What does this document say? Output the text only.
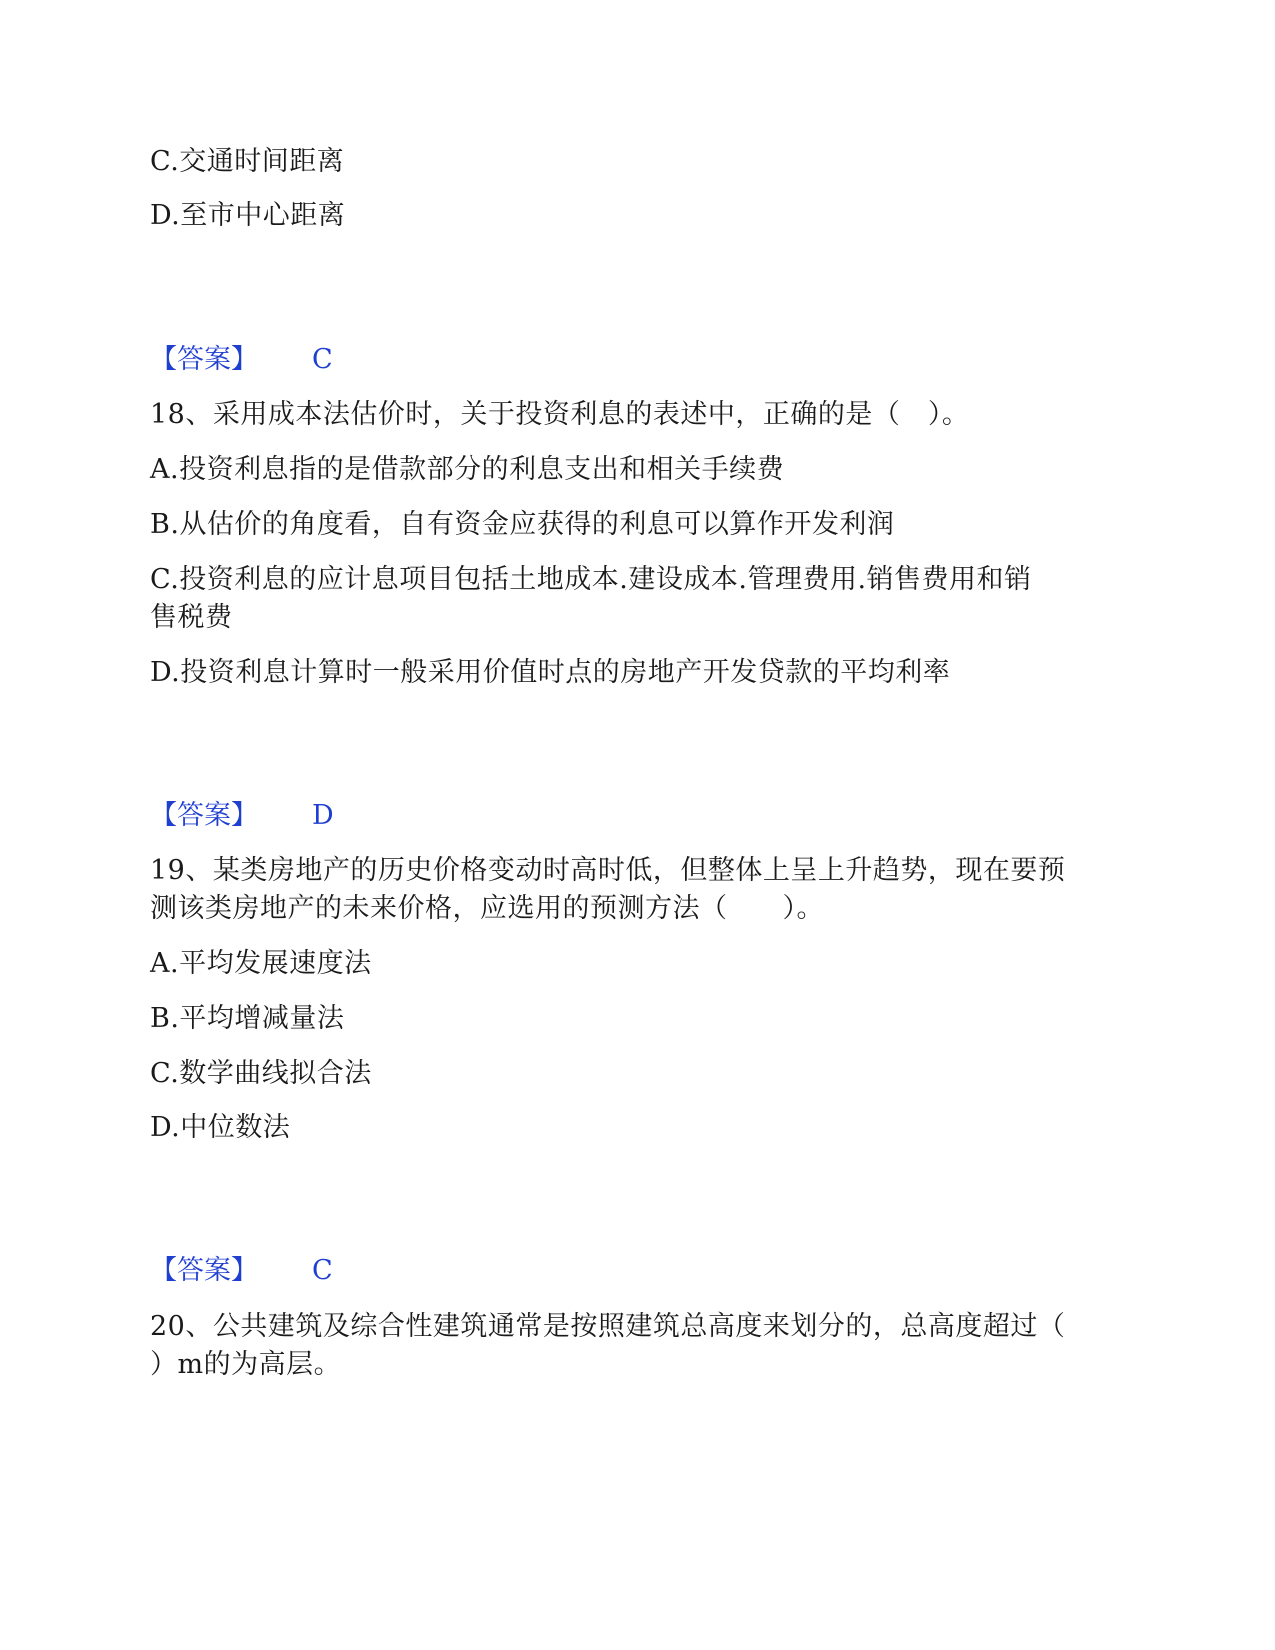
C.交通时间距离
D.至市中心距离
【答案】 C
18、采用成本法估价时，关于投资利息的表述中，正确的是（　）。
A.投资利息指的是借款部分的利息支出和相关手续费
B.从估价的角度看，自有资金应获得的利息可以算作开发利润
C.投资利息的应计息项目包括土地成本.建设成本.管理费用.销售费用和销
售税费
D.投资利息计算时一般采用价值时点的房地产开发贷款的平均利率
【答案】 D
19、某类房地产的历史价格变动时高时低，但整体上呈上升趋势，现在要预
测该类房地产的未来价格，应选用的预测方法（　　）。
A.平均发展速度法
B.平均增减量法
C.数学曲线拟合法
D.中位数法
【答案】 C
20、公共建筑及综合性建筑通常是按照建筑总高度来划分的，总高度超过（
）m的为高层。
